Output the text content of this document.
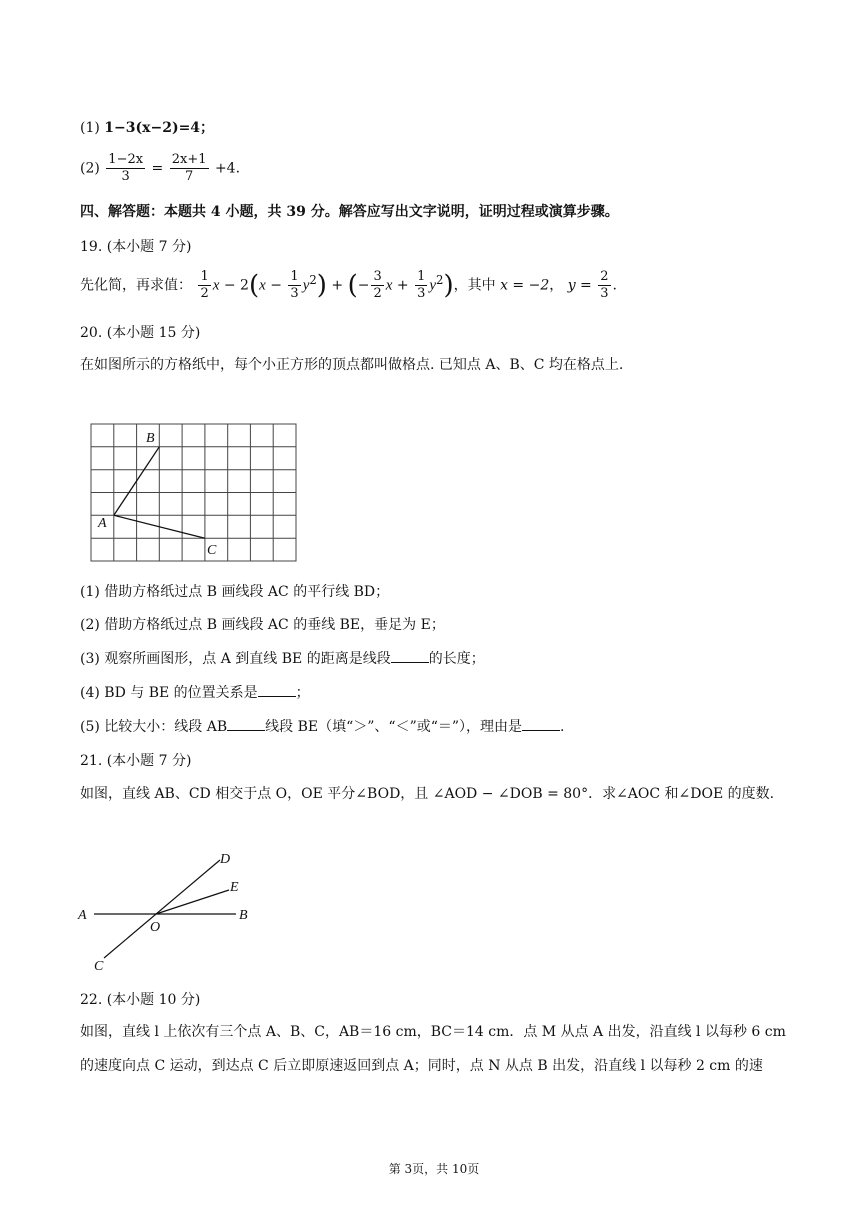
(1) 1−3(x−2)=4；
$(2) \frac{1-2x}{3} = \frac{2x+1}{7} +4$.
四、解答题：本题共 4 小题，共 39 分。解答应写出文字说明，证明过程或演算步骤。
19. (本小题 7 分)
先化简，再求值： $\frac{1}{2}$ $x - 2(x - \frac{1}{3} y^2)$ + (− $\frac{3}{2}$ $x + \frac{1}{3} y^2$)，其中 x = −2， $y = \frac{2}{3}$ .
20. (本小题 15 分)
在如图所示的方格纸中，每个小正方形的顶点都叫做格点. 已知点 A、B、C 均在格点上.
B
A
C
(1) 借助方格纸过点 B 画线段 AC 的平行线 BD；
(2) 借助方格纸过点 B 画线段 AC 的垂线 BE，垂足为 E；
(3) 观察所画图形，点 A 到直线 BE 的距离是线段	的长度；
(4) BD 与 BE 的位置关系是	；
(5) 比较大小：线段 AB	线段 BE（填“＞”、“＜”或“＝”），理由是	.
21. (本小题 7 分)
如图，直线 AB、CD 相交于点 O，OE 平分∠BOD，且 ∠AOD − ∠DOB = 80°．求∠AOC 和∠DOE 的度数.
D
E
A	B
O
C
22. (本小题 10 分)
如图，直线 l 上依次有三个点 A、B、C，AB＝16 cm，BC＝14 cm．点 M 从点 A 出发，沿直线 l 以每秒 6 cm
的速度向点 C 运动，到达点 C 后立即原速返回到点 A；同时，点 N 从点 B 出发，沿直线 l 以每秒 2 cm 的速
第 3页，共 10页
